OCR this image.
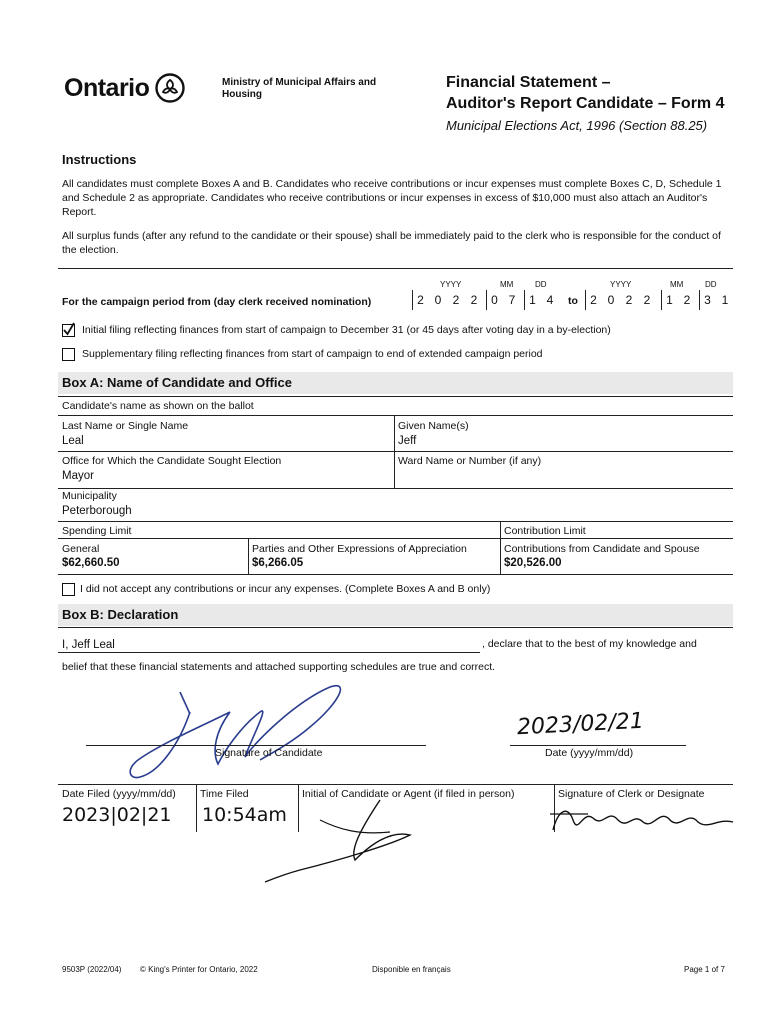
Ontario	Ministry of Municipal Affairs and Housing
Financial Statement –
Auditor's Report Candidate – Form 4
Municipal Elections Act, 1996 (Section 88.25)
Instructions
All candidates must complete Boxes A and B. Candidates who receive contributions or incur expenses must complete Boxes C, D, Schedule 1 and Schedule 2 as appropriate. Candidates who receive contributions or incur expenses in excess of $10,000 must also attach an Auditor's Report.
All surplus funds (after any refund to the candidate or their spouse) shall be immediately paid to the clerk who is responsible for the conduct of the election.
YYYY	MM	DD	YYYY	MM	DD
For the campaign period from (day clerk received nomination)	2 0 2 2	0 7	1 4	to	2 0 2 2	1 2	3 1
Initial filing reflecting finances from start of campaign to December 31 (or 45 days after voting day in a by-election)
Supplementary filing reflecting finances from start of campaign to end of extended campaign period
Box A: Name of Candidate and Office
Candidate's name as shown on the ballot
Last Name or Single Name
Leal
Given Name(s)
Jeff
Office for Which the Candidate Sought Election
Mayor
Ward Name or Number (if any)
Municipality
Peterborough
Spending Limit	Contribution Limit
General
$62,660.50
Parties and Other Expressions of Appreciation
$6,266.05
Contributions from Candidate and Spouse
$20,526.00
I did not accept any contributions or incur any expenses. (Complete Boxes A and B only)
Box B: Declaration
I, Jeff Leal	, declare that to the best of my knowledge and
belief that these financial statements and attached supporting schedules are true and correct.
Signature of Candidate
2023/02/21
Date (yyyy/mm/dd)
Date Filed (yyyy/mm/dd)
2023|02|21
Time Filed
10:54am
Initial of Candidate or Agent (if filed in person)	Signature of Clerk or Designate
9503P (2022/04) © King's Printer for Ontario, 2022	Disponible en français	Page 1 of 7
